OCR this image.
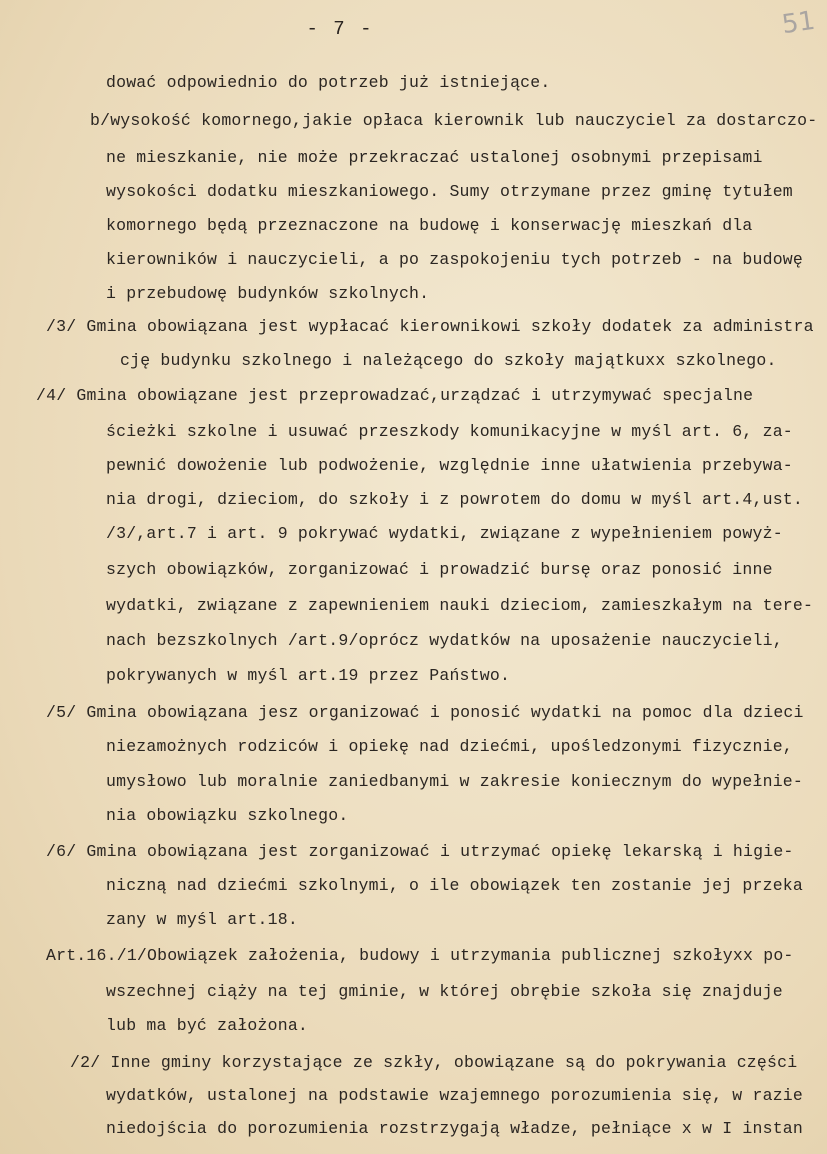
- 7 -	51
dować odpowiednio do potrzeb już istniejące.
b/wysokość komornego,jakie opłaca kierownik lub nauczyciel za dostarczo-
ne mieszkanie, nie może przekraczać ustalonej osobnymi przepisami
wysokości dodatku mieszkaniowego. Sumy otrzymane przez gminę tytułem
komornego będą przeznaczone na budowę i konserwację mieszkań dla
kierowników i nauczycieli, a po zaspokojeniu tych potrzeb - na budowę
i przebudowę budynków szkolnych.
/3/ Gmina obowiązana jest wypłacać kierownikowi szkoły dodatek za administra
cję budynku szkolnego i należącego do szkoły majątkuxx szkolnego.
/4/ Gmina obowiązane jest przeprowadzać,urządzać i utrzymywać specjalne
ścieżki szkolne i usuwać przeszkody komunikacyjne w myśl art. 6, za-
pewnić dowożenie lub podwożenie, względnie inne ułatwienia przebywa-
nia drogi, dzieciom, do szkoły i z powrotem do domu w myśl art.4,ust.
/3/,art.7 i art. 9 pokrywać wydatki, związane z wypełnieniem powyż-
szych obowiązków, zorganizować i prowadzić bursę oraz ponosić inne
wydatki, związane z zapewnieniem nauki dzieciom, zamieszkałym na tere-
nach bezszkolnych /art.9/oprócz wydatków na uposażenie nauczycieli,
pokrywanych w myśl art.19 przez Państwo.
/5/ Gmina obowiązana jesz organizować i ponosić wydatki na pomoc dla dzieci
niezamożnych rodziców i opiekę nad dziećmi, upośledzonymi fizycznie,
umysłowo lub moralnie zaniedbanymi w zakresie koniecznym do wypełnie-
nia obowiązku szkolnego.
/6/ Gmina obowiązana jest zorganizować i utrzymać opiekę lekarską i higie-
niczną nad dziećmi szkolnymi, o ile obowiązek ten zostanie jej przeka
zany w myśl art.18.
Art.16./1/Obowiązek założenia, budowy i utrzymania publicznej szkołyxx po-
wszechnej ciąży na tej gminie, w której obrębie szkoła się znajduje
lub ma być założona.
/2/ Inne gminy korzystające ze szkły, obowiązane są do pokrywania części
wydatków, ustalonej na podstawie wzajemnego porozumienia się, w razie
niedojścia do porozumienia rozstrzygają władze, pełniące x w I instan
